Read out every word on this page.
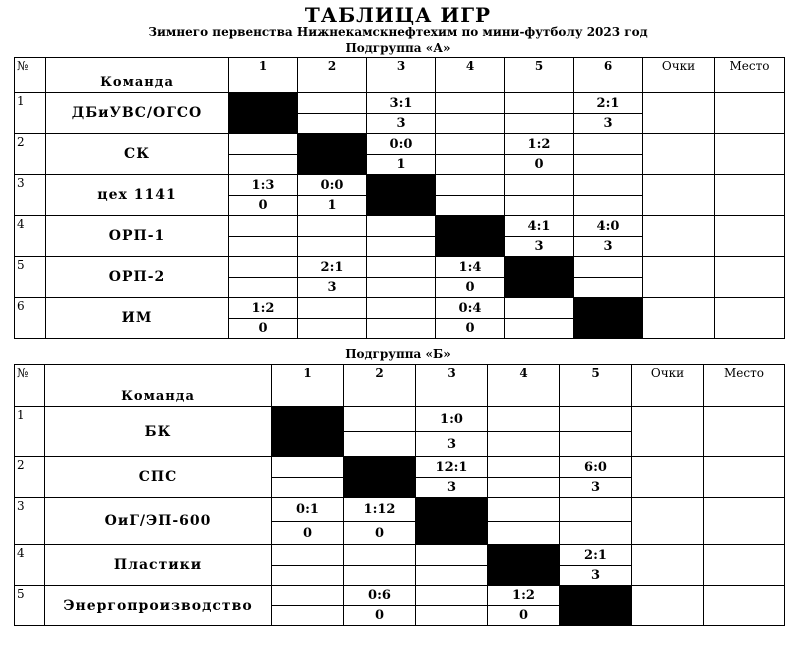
ТАБЛИЦА ИГР
Зимнего первенства Нижнекамскнефтехим по мини-футболу 2023 год
Подгруппа «А»
№	Команда	1	2	3	4	5	6	Очки	Место
1	ДБиУВС/ОГСО			3:1			2:1		
				3			3		
2	СК			0:0		1:2			
				1		0			
3	цех 1141	1:3	0:0						
		0	1						
4	ОРП-1					4:1	4:0		
						3	3		
5	ОРП-2		2:1		1:4				
			3		0				
6	ИМ	1:2			0:4				
		0			0				
Подгруппа «Б»
№	Команда	1	2	3	4	5	Очки	Место
1	БК			1:0				
				3				
2	СПС			12:1		6:0		
				3		3		
3	ОиГ/ЭП-600	0:1	1:12					
		0	0					
4	Пластики					2:1		
						3		
5	Энергопроизводство		0:6		1:2			
			0		0			
